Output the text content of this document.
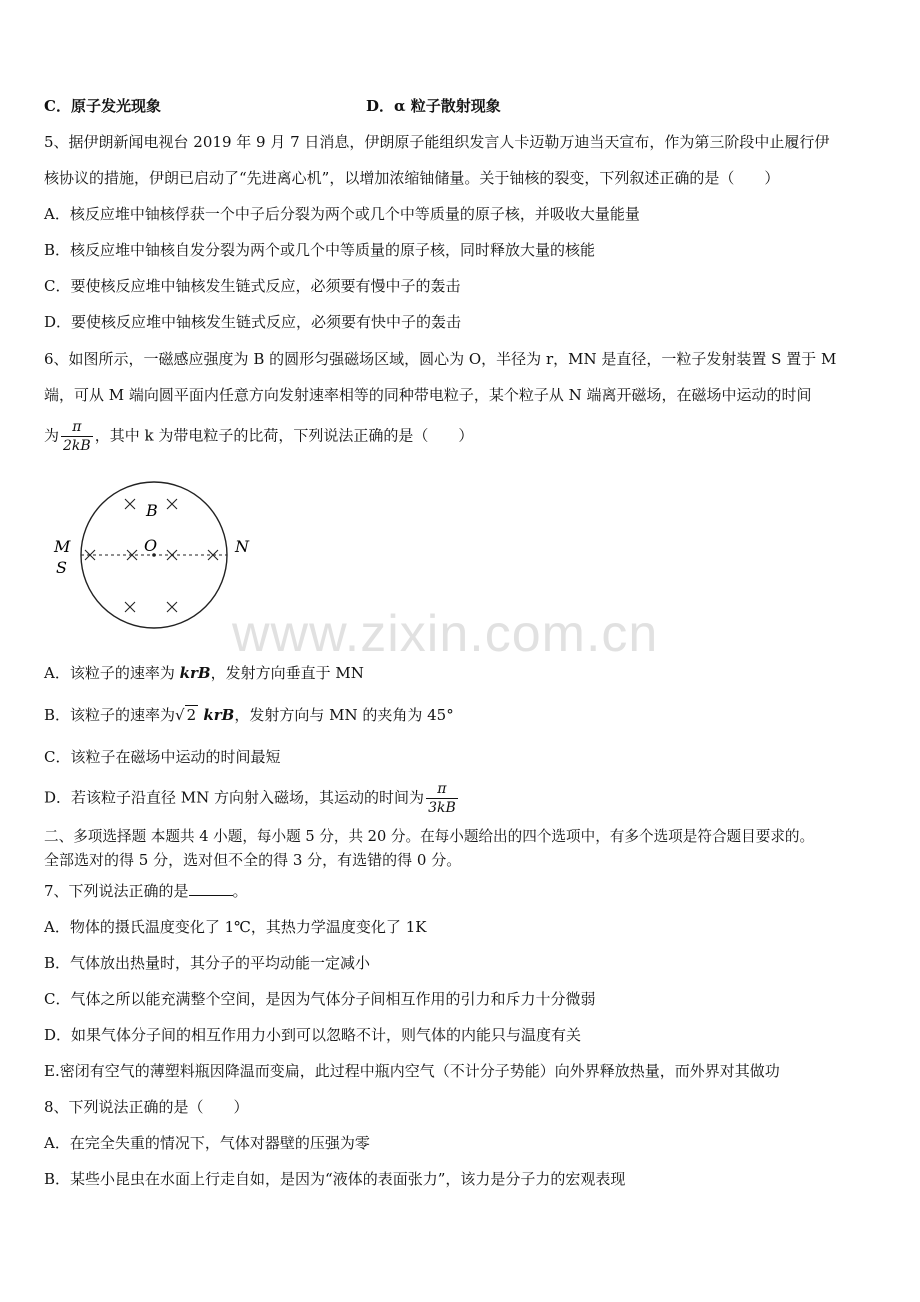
C．原子发光现象	D．α 粒子散射现象
5、据伊朗新闻电视台 2019 年 9 月 7 日消息，伊朗原子能组织发言人卡迈勒万迪当天宣布，作为第三阶段中止履行伊
核协议的措施，伊朗已启动了“先进离心机”，以增加浓缩铀储量。关于铀核的裂变，下列叙述正确的是（　　）
A．核反应堆中铀核俘获一个中子后分裂为两个或几个中等质量的原子核，并吸收大量能量
B．核反应堆中铀核自发分裂为两个或几个中等质量的原子核，同时释放大量的核能
C．要使核反应堆中铀核发生链式反应，必须要有慢中子的轰击
D．要使核反应堆中铀核发生链式反应，必须要有快中子的轰击
6、如图所示，一磁感应强度为 B 的圆形匀强磁场区域，圆心为 O，半径为 r，MN 是直径，一粒子发射装置 S 置于 M
端，可从 M 端向圆平面内任意方向发射速率相等的同种带电粒子，某个粒子从 N 端离开磁场，在磁场中运动的时间
为 $\frac{\pi}{2kB}$ ，其中 k 为带电粒子的比荷，下列说法正确的是（　　）
O
B
M
S
N
www.zixin.com.cn
A．该粒子的速率为 krB，发射方向垂直于 MN
B．该粒子的速率为√ 2 krB，发射方向与 MN 的夹角为 45°
C．该粒子在磁场中运动的时间最短
D．若该粒子沿直径 MN 方向射入磁场，其运动的时间为 $\frac{\pi}{3kB}$
二、多项选择题 本题共 4 小题，每小题 5 分，共 20 分。在每小题给出的四个选项中，有多个选项是符合题目要求的。
全部选对的得 5 分，选对但不全的得 3 分，有选错的得 0 分。
7、下列说法正确的是	。
A．物体的摄氏温度变化了 1℃，其热力学温度变化了 1K
B．气体放出热量时，其分子的平均动能一定减小
C．气体之所以能充满整个空间，是因为气体分子间相互作用的引力和斥力十分微弱
D．如果气体分子间的相互作用力小到可以忽略不计，则气体的内能只与温度有关
E.密闭有空气的薄塑料瓶因降温而变扁，此过程中瓶内空气（不计分子势能）向外界释放热量，而外界对其做功
8、下列说法正确的是（　　）
A．在完全失重的情况下，气体对器壁的压强为零
B．某些小昆虫在水面上行走自如，是因为“液体的表面张力”，该力是分子力的宏观表现
